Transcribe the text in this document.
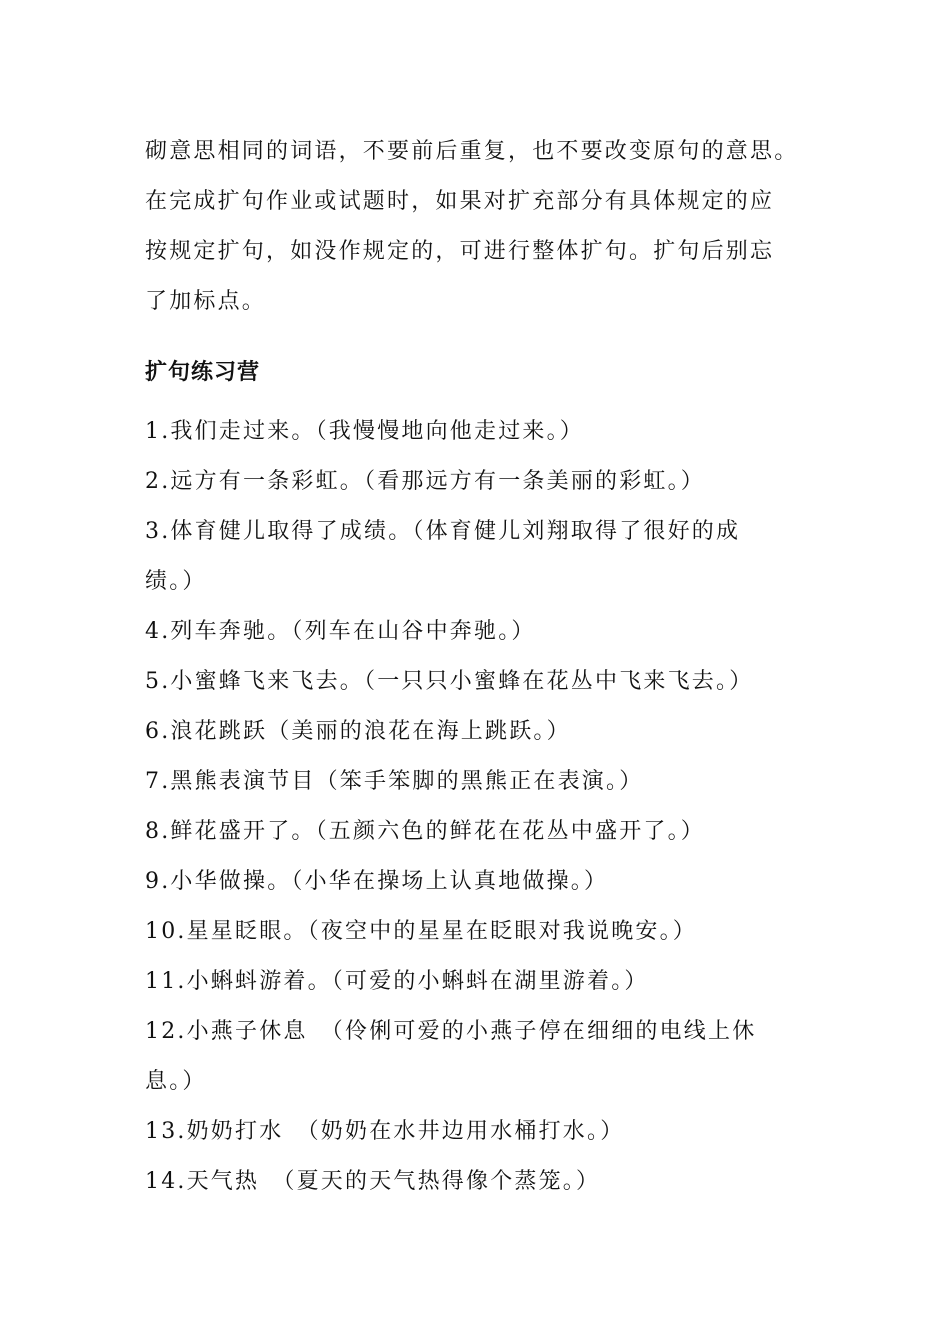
砌意思相同的词语，不要前后重复，也不要改变原句的意思。
在完成扩句作业或试题时，如果对扩充部分有具体规定的应
按规定扩句，如没作规定的，可进行整体扩句。扩句后别忘
了加标点。
扩句练习营
1.我们走过来。（我慢慢地向他走过来。）
2.远方有一条彩虹。（看那远方有一条美丽的彩虹。）
3.体育健儿取得了成绩。（体育健儿刘翔取得了很好的成
绩。）
4.列车奔驰。（列车在山谷中奔驰。）
5.小蜜蜂飞来飞去。（一只只小蜜蜂在花丛中飞来飞去。）
6.浪花跳跃（美丽的浪花在海上跳跃。）
7.黑熊表演节目（笨手笨脚的黑熊正在表演。）
8.鲜花盛开了。（五颜六色的鲜花在花丛中盛开了。）
9.小华做操。（小华在操场上认真地做操。）
10.星星眨眼。（夜空中的星星在眨眼对我说晚安。）
11.小蝌蚪游着。（可爱的小蝌蚪在湖里游着。）
12.小燕子休息　（伶俐可爱的小燕子停在细细的电线上休
息。）
13.奶奶打水　（奶奶在水井边用水桶打水。）
14.天气热　（夏天的天气热得像个蒸笼。）
